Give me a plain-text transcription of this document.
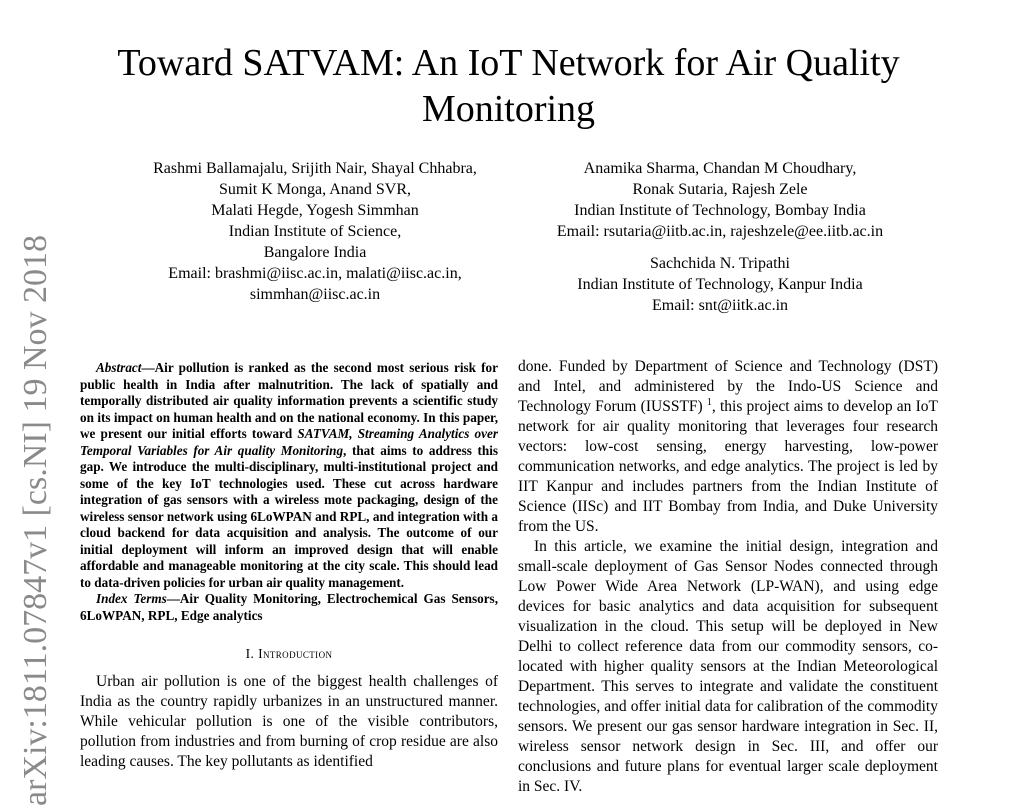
Toward SATVAM: An IoT Network for Air Quality Monitoring
Rashmi Ballamajalu, Srijith Nair, Shayal Chhabra,
Sumit K Monga, Anand SVR,
Malati Hegde, Yogesh Simmhan
Indian Institute of Science,
Bangalore India
Email: brashmi@iisc.ac.in, malati@iisc.ac.in,
simmhan@iisc.ac.in
Anamika Sharma, Chandan M Choudhary,
Ronak Sutaria, Rajesh Zele
Indian Institute of Technology, Bombay India
Email: rsutaria@iitb.ac.in, rajeshzele@ee.iitb.ac.in
Sachchida N. Tripathi
Indian Institute of Technology, Kanpur India
Email: snt@iitk.ac.in
arXiv:1811.07847v1 [cs.NI] 19 Nov 2018	Abstract—Air pollution is ranked as the second most serious risk for public health in India after malnutrition. The lack of spatially and temporally distributed air quality information prevents a scientific study on its impact on human health and on the national economy. In this paper, we present our initial efforts toward SATVAM, Streaming Analytics over Temporal Variables for Air quality Monitoring, that aims to address this gap. We introduce the multi-disciplinary, multi-institutional project and some of the key IoT technologies used. These cut across hardware integration of gas sensors with a wireless mote packaging, design of the wireless sensor network using 6LoWPAN and RPL, and integration with a cloud backend for data acquisition and analysis. The outcome of our initial deployment will inform an improved design that will enable affordable and manageable monitoring at the city scale. This should lead to data-driven policies for urban air quality management.

Index Terms—Air Quality Monitoring, Electrochemical Gas Sensors, 6LoWPAN, RPL, Edge analytics

I. Introduction

Urban air pollution is one of the biggest health challenges of India as the country rapidly urbanizes in an unstructured manner. While vehicular pollution is one of the visible contributors, pollution from industries and from burning of crop residue are also leading causes. The key pollutants as identified

done. Funded by Department of Science and Technology (DST) and Intel, and administered by the Indo-US Science and Technology Forum (IUSSTF) $^1$, this project aims to develop an IoT network for air quality monitoring that leverages four research vectors: low-cost sensing, energy harvesting, low-power communication networks, and edge analytics. The project is led by IIT Kanpur and includes partners from the Indian Institute of Science (IISc) and IIT Bombay from India, and Duke University from the US.

In this article, we examine the initial design, integration and small-scale deployment of Gas Sensor Nodes connected through Low Power Wide Area Network (LP-WAN), and using edge devices for basic analytics and data acquisition for subsequent visualization in the cloud. This setup will be deployed in New Delhi to collect reference data from our commodity sensors, co-located with higher quality sensors at the Indian Meteorological Department. This serves to integrate and validate the constituent technologies, and offer initial data for calibration of the commodity sensors. We present our gas sensor hardware integration in Sec. II, wireless sensor network design in Sec. III, and offer our conclusions and future plans for eventual larger scale deployment in Sec. IV.
